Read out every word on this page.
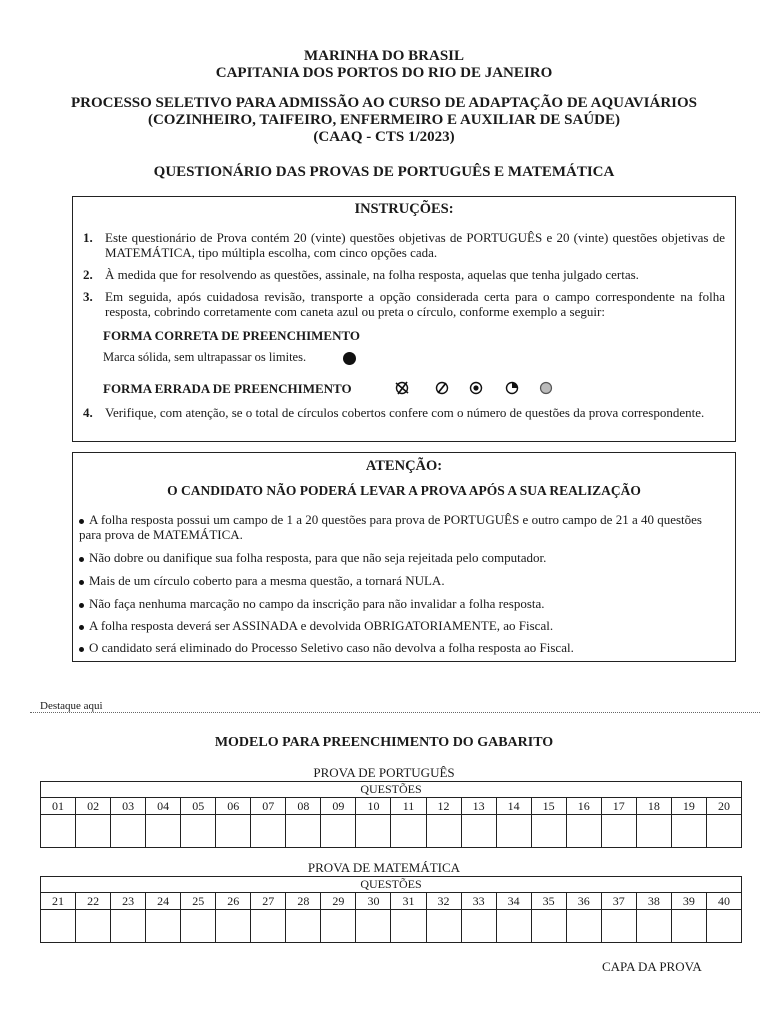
MARINHA DO BRASIL
CAPITANIA DOS PORTOS DO RIO DE JANEIRO
PROCESSO SELETIVO PARA ADMISSÃO AO CURSO DE ADAPTAÇÃO DE AQUAVIÁRIOS
(COZINHEIRO, TAIFEIRO, ENFERMEIRO E AUXILIAR DE SAÚDE)
(CAAQ - CTS 1/2023)
QUESTIONÁRIO DAS PROVAS DE PORTUGUÊS E MATEMÁTICA
INSTRUÇÕES:
1. Este questionário de Prova contém 20 (vinte) questões objetivas de PORTUGUÊS e 20 (vinte) questões objetivas de MATEMÁTICA, tipo múltipla escolha, com cinco opções cada.
2. À medida que for resolvendo as questões, assinale, na folha resposta, aquelas que tenha julgado certas.
3. Em seguida, após cuidadosa revisão, transporte a opção considerada certa para o campo correspondente na folha resposta, cobrindo corretamente com caneta azul ou preta o círculo, conforme exemplo a seguir:
FORMA CORRETA DE PREENCHIMENTO
Marca sólida, sem ultrapassar os limites.
FORMA ERRADA DE PREENCHIMENTO
4. Verifique, com atenção, se o total de círculos cobertos confere com o número de questões da prova correspondente.
ATENÇÃO:
O CANDIDATO NÃO PODERÁ LEVAR A PROVA APÓS A SUA REALIZAÇÃO
A folha resposta possui um campo de 1 a 20 questões para prova de PORTUGUÊS e outro campo de 21 a 40 questões para prova de MATEMÁTICA.
Não dobre ou danifique sua folha resposta, para que não seja rejeitada pelo computador.
Mais de um círculo coberto para a mesma questão, a tornará NULA.
Não faça nenhuma marcação no campo da inscrição para não invalidar a folha resposta.
A folha resposta deverá ser ASSINADA e devolvida OBRIGATORIAMENTE, ao Fiscal.
O candidato será eliminado do Processo Seletivo caso não devolva a folha resposta ao Fiscal.
Destaque aqui
MODELO PARA PREENCHIMENTO DO GABARITO
PROVA DE PORTUGUÊS
QUESTÕES																			
01	02	03	04	05	06	07	08	09	10	11	12	13	14	15	16	17	18	19	20

PROVA DE MATEMÁTICA
QUESTÕES																			
21	22	23	24	25	26	27	28	29	30	31	32	33	34	35	36	37	38	39	40

CAPA DA PROVA
